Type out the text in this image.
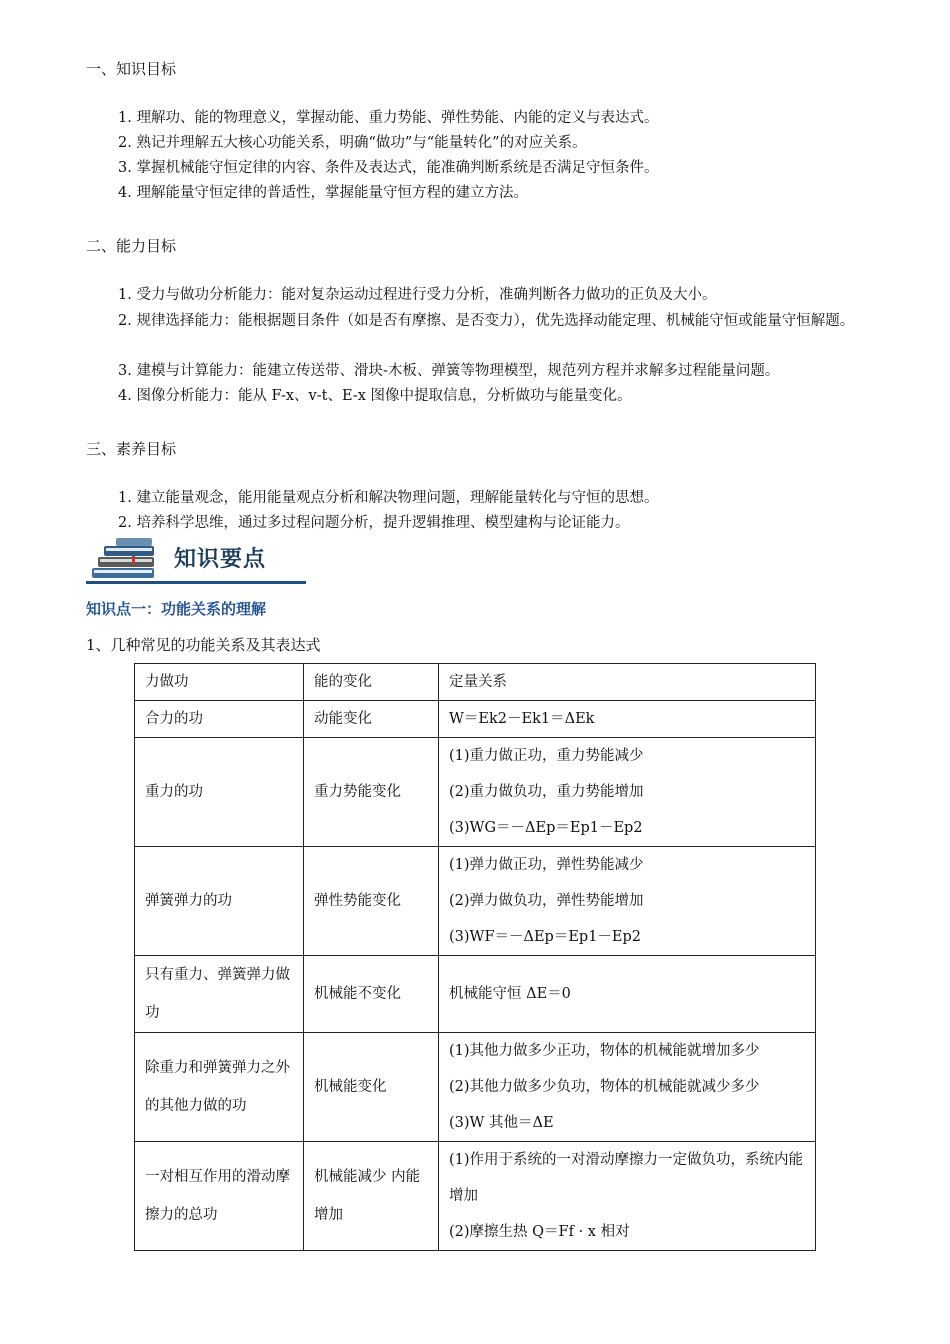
一、知识目标
1. 理解功、能的物理意义，掌握动能、重力势能、弹性势能、内能的定义与表达式。
2. 熟记并理解五大核心功能关系，明确“做功”与“能量转化”的对应关系。
3. 掌握机械能守恒定律的内容、条件及表达式，能准确判断系统是否满足守恒条件。
4. 理解能量守恒定律的普适性，掌握能量守恒方程的建立方法。
二、能力目标
1. 受力与做功分析能力：能对复杂运动过程进行受力分析，准确判断各力做功的正负及大小。
2. 规律选择能力：能根据题目条件（如是否有摩擦、是否变力），优先选择动能定理、机械能守恒或能量守恒解题。
3. 建模与计算能力：能建立传送带、滑块-木板、弹簧等物理模型，规范列方程并求解多过程能量问题。
4. 图像分析能力：能从 F-x、v-t、E-x 图像中提取信息，分析做功与能量变化。
三、素养目标
1. 建立能量观念，能用能量观点分析和解决物理问题，理解能量转化与守恒的思想。
2. 培养科学思维，通过多过程问题分析，提升逻辑推理、模型建构与论证能力。
知识要点
知识点一：功能关系的理解
1、几种常见的功能关系及其表达式
力做功	能的变化	定量关系
合力的功	动能变化	W＝Ek2－Ek1＝ΔEk

重力的功	重力势能变化	(1)重力做正功，重力势能减少
(2)重力做负功，重力势能增加
(3)WG＝－ΔEp＝Ep1－Ep2

弹簧弹力的功	弹性势能变化	(1)弹力做正功，弹性势能减少
(2)弹力做负功，弹性势能增加
(3)WF＝－ΔEp＝Ep1－Ep2

只有重力、弹簧弹力做功	机械能不变化	机械能守恒 ΔE＝0

除重力和弹簧弹力之外的其他力做的功	机械能变化	(1)其他力做多少正功，物体的机械能就增加多少
(2)其他力做多少负功，物体的机械能就减少多少
(3)W 其他＝ΔE

一对相互作用的滑动摩擦力的总功	机械能减少 内能增加	(1)作用于系统的一对滑动摩擦力一定做负功，系统内能增加
(2)摩擦生热 Q＝Ff · x 相对
